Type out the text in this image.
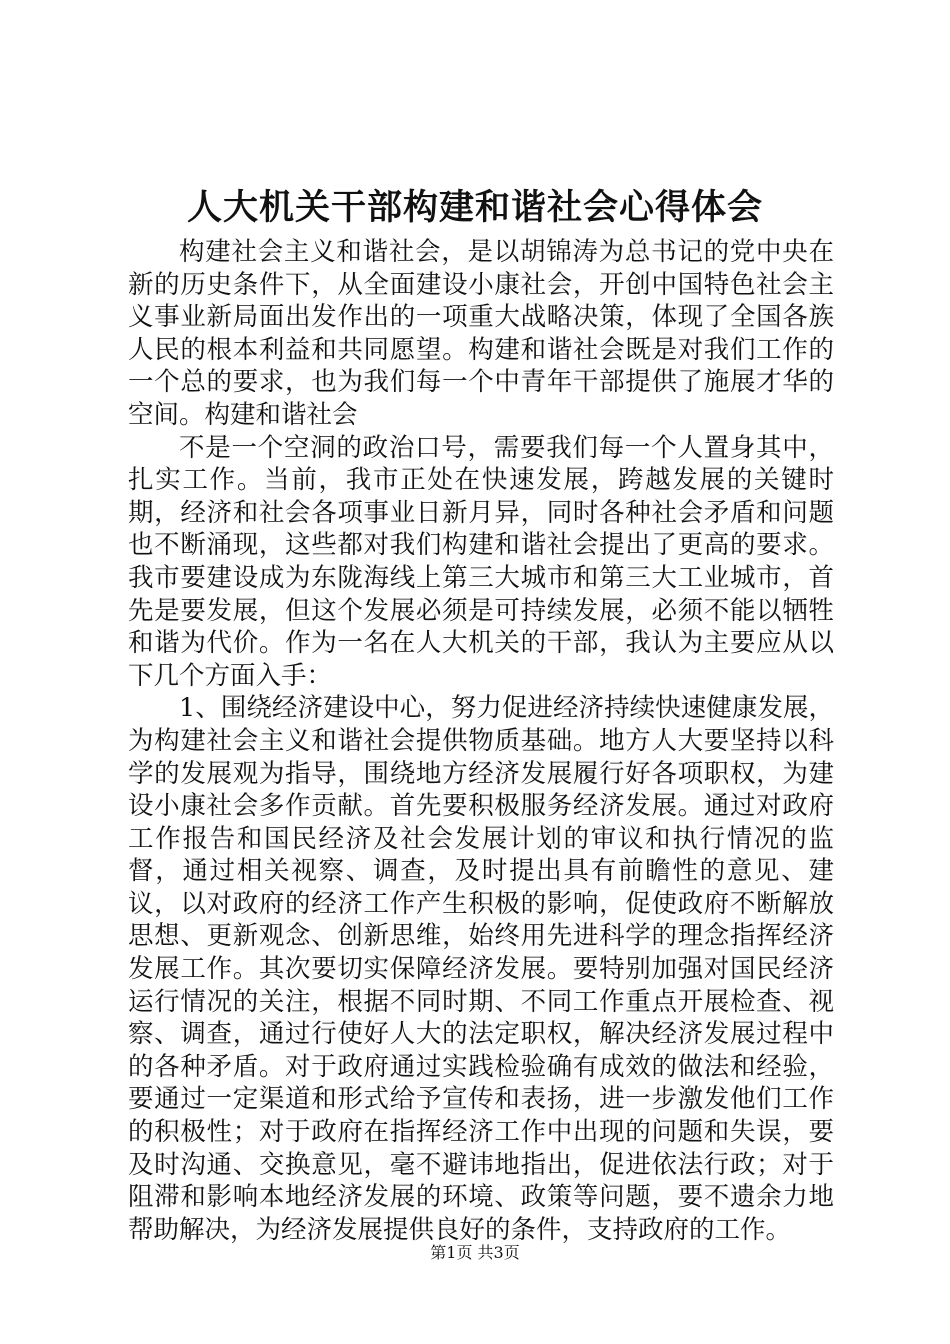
人大机关干部构建和谐社会心得体会

构建社会主义和谐社会，是以胡锦涛为总书记的党中央在新的历史条件下，从全面建设小康社会，开创中国特色社会主义事业新局面出发作出的一项重大战略决策，体现了全国各族人民的根本利益和共同愿望。构建和谐社会既是对我们工作的一个总的要求，也为我们每一个中青年干部提供了施展才华的空间。构建和谐社会

不是一个空洞的政治口号，需要我们每一个人置身其中，扎实工作。当前，我市正处在快速发展，跨越发展的关键时期，经济和社会各项事业日新月异，同时各种社会矛盾和问题也不断涌现，这些都对我们构建和谐社会提出了更高的要求。我市要建设成为东陇海线上第三大城市和第三大工业城市，首先是要发展，但这个发展必须是可持续发展，必须不能以牺牲和谐为代价。作为一名在人大机关的干部，我认为主要应从以下几个方面入手：

1、围绕经济建设中心，努力促进经济持续快速健康发展，为构建社会主义和谐社会提供物质基础。地方人大要坚持以科学的发展观为指导，围绕地方经济发展履行好各项职权，为建设小康社会多作贡献。首先要积极服务经济发展。通过对政府工作报告和国民经济及社会发展计划的审议和执行情况的监督，通过相关视察、调查，及时提出具有前瞻性的意见、建议，以对政府的经济工作产生积极的影响，促使政府不断解放思想、更新观念、创新思维，始终用先进科学的理念指挥经济发展工作。其次要切实保障经济发展。要特别加强对国民经济运行情况的关注，根据不同时期、不同工作重点开展检查、视察、调查，通过行使好人大的法定职权，解决经济发展过程中的各种矛盾。对于政府通过实践检验确有成效的做法和经验，要通过一定渠道和形式给予宣传和表扬，进一步激发他们工作的积极性；对于政府在指挥经济工作中出现的问题和失误，要及时沟通、交换意见，毫不避讳地指出，促进依法行政；对于阻滞和影响本地经济发展的环境、政策等问题，要不遗余力地帮助解决，为经济发展提供良好的条件，支持政府的工作。

第1页 共3页
